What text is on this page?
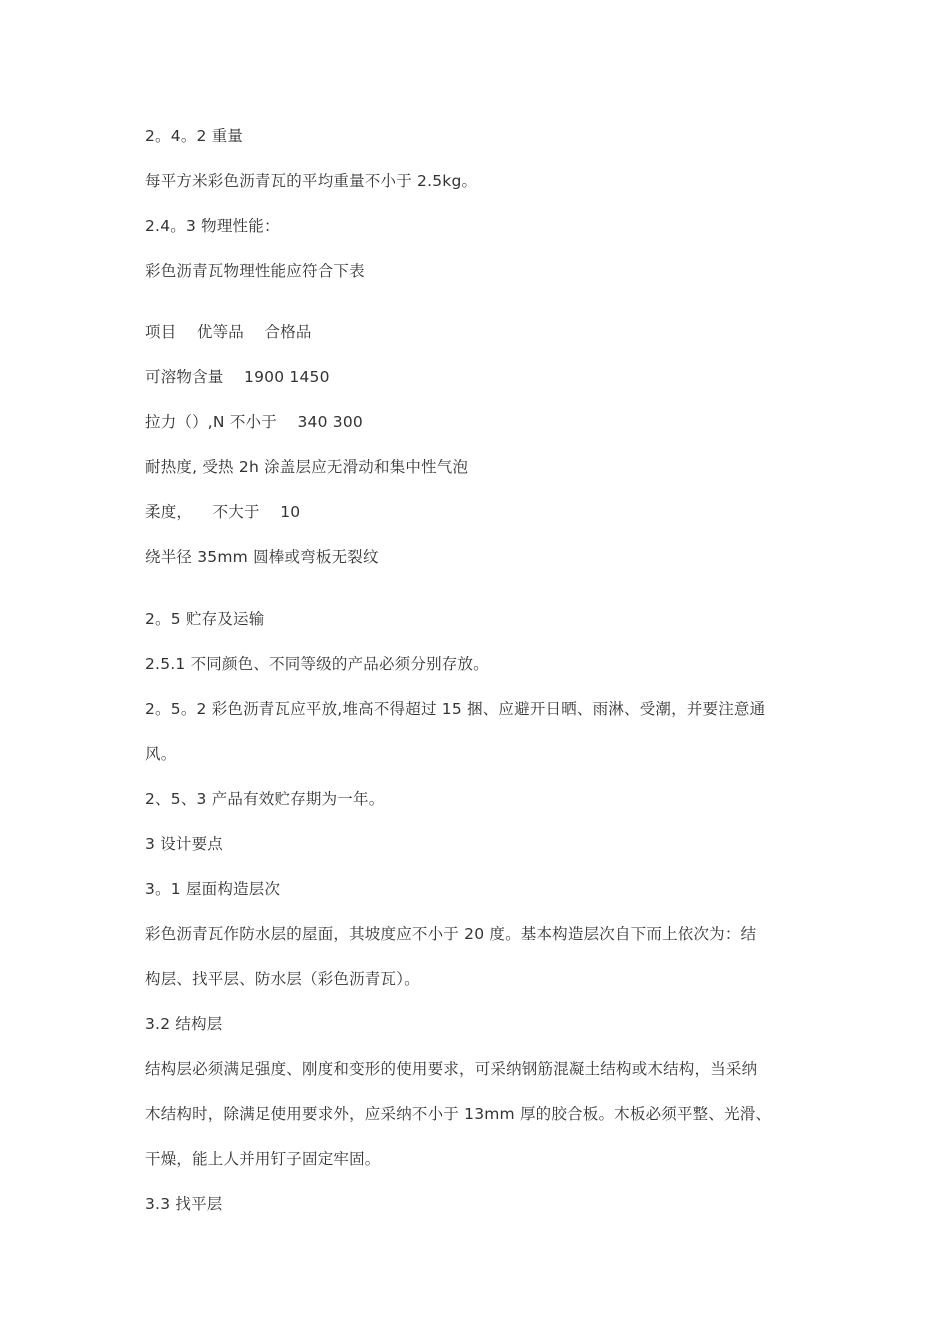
2。4。2 重量
每平方米彩色沥青瓦的平均重量不小于 2.5kg。
2.4。3 物理性能：
彩色沥青瓦物理性能应符合下表
项目    优等品    合格品
可溶物含量    1900 1450
拉力（）,N 不小于    340 300
耐热度, 受热 2h 涂盖层应无滑动和集中性气泡
柔度，    不大于    10
绕半径 35mm 圆棒或弯板无裂纹
2。5 贮存及运输
2.5.1 不同颜色、不同等级的产品必须分别存放。
2。5。2 彩色沥青瓦应平放,堆高不得超过 15 捆、应避开日晒、雨淋、受潮，并要注意通
风。
2、5、3 产品有效贮存期为一年。
3 设计要点
3。1 屋面构造层次
彩色沥青瓦作防水层的屋面，其坡度应不小于 20 度。基本构造层次自下而上依次为：结
构层、找平层、防水层（彩色沥青瓦）。
3.2 结构层
结构层必须满足强度、刚度和变形的使用要求，可采纳钢筋混凝土结构或木结构，当采纳
木结构时，除满足使用要求外，应采纳不小于 13mm 厚的胶合板。木板必须平整、光滑、
干燥，能上人并用钉子固定牢固。
3.3 找平层
